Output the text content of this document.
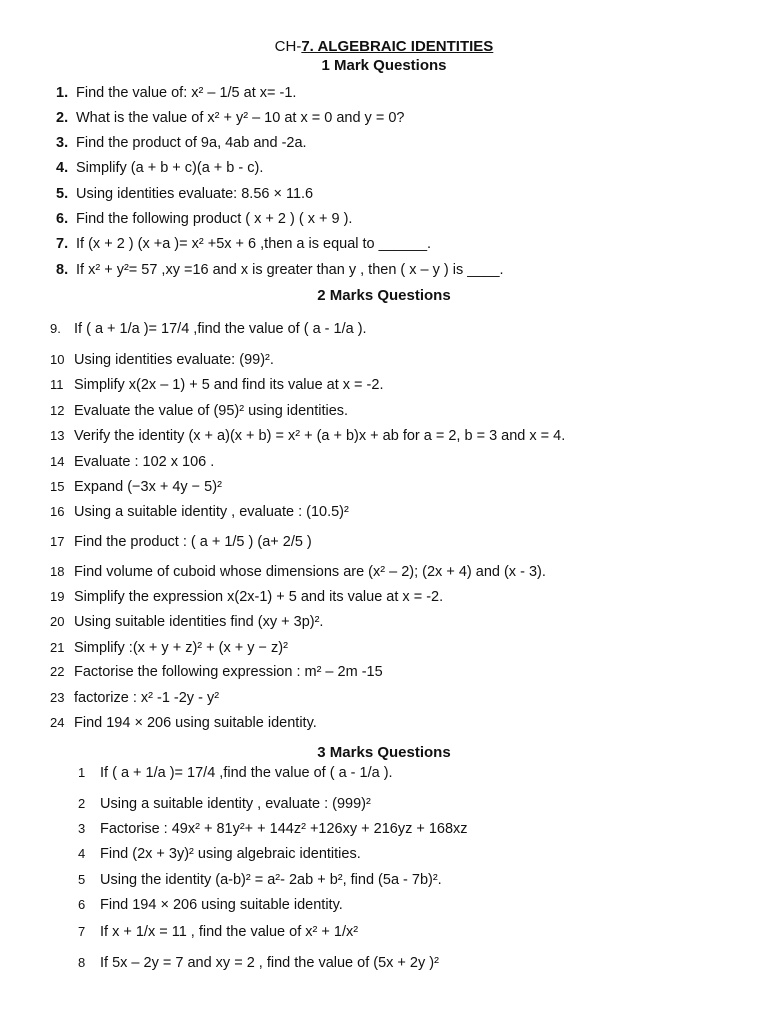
CH-7. ALGEBRAIC IDENTITIES
1 Mark Questions
1. Find the value of: x² – 1/5 at x= -1.
2. What is the value of x² + y² – 10 at x = 0 and y = 0?
3. Find the product of 9a, 4ab and -2a.
4. Simplify (a + b + c)(a + b - c).
5. Using identities evaluate: 8.56 × 11.6
6. Find the following product ( x + 2 ) ( x + 9 ).
7. If (x + 2 ) (x +a )= x² +5x + 6 ,then a is equal to ______.
8. If x² + y²= 57 ,xy =16 and x is greater than y , then ( x – y ) is ____.
2 Marks Questions
9. If ( a + 1/a )= 17/4 ,find the value of ( a - 1/a ).
10 Using identities evaluate: (99)².
11 Simplify x(2x – 1) + 5 and find its value at x = -2.
12 Evaluate the value of (95)² using identities.
13 Verify the identity (x + a)(x + b) = x² + (a + b)x + ab for a = 2, b = 3 and x = 4.
14 Evaluate : 102 x 106 .
15 Expand (−3x + 4y − 5)²
16 Using a suitable identity , evaluate : (10.5)²
17 Find the product : ( a + 1/5 ) (a+ 2/5 )
18 Find volume of cuboid whose dimensions are (x² – 2); (2x + 4) and (x - 3).
19 Simplify the expression x(2x-1) + 5 and its value at x = -2.
20 Using suitable identities find (xy + 3p)².
21 Simplify :(x + y + z)² + (x + y − z)²
22 Factorise the following expression : m² – 2m -15
23 factorize : x² -1 -2y - y²
24 Find 194 × 206 using suitable identity.
3 Marks Questions
1 If ( a + 1/a )= 17/4 ,find the value of ( a - 1/a ).
2 Using a suitable identity , evaluate : (999)²
3 Factorise : 49x² + 81y²+ + 144z² +126xy + 216yz + 168xz
4 Find (2x + 3y)² using algebraic identities.
5 Using the identity (a-b)² = a²- 2ab + b², find (5a - 7b)².
6 Find 194 × 206 using suitable identity.
7 If x + 1/x = 11 , find the value of x² + 1/x²
8 If 5x – 2y = 7 and xy = 2 , find the value of (5x + 2y )²
